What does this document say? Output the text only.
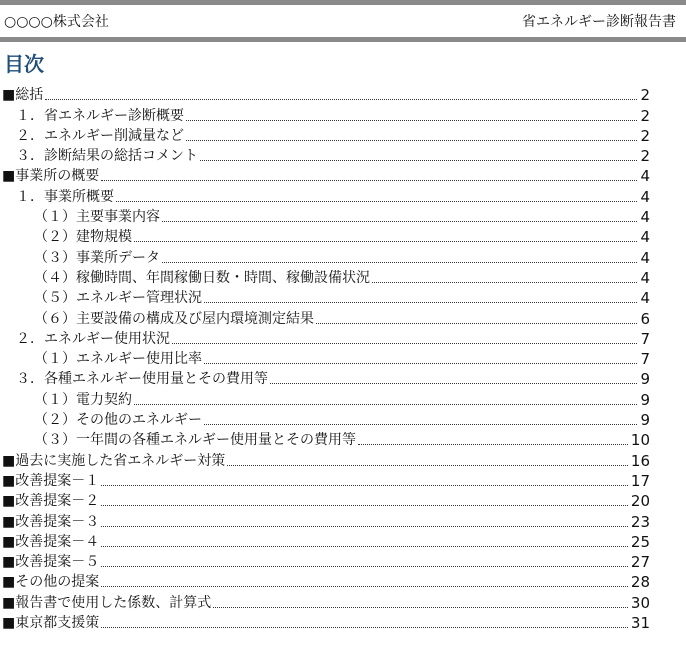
○○○○株式会社	省エネルギー診断報告書
目次
■総括	2
１．省エネルギー診断概要	2
２．エネルギー削減量など	2
３．診断結果の総括コメント	2
■事業所の概要	4
１．事業所概要	4
（１）主要事業内容	4
（２）建物規模	4
（３）事業所データ	4
（４）稼働時間、年間稼働日数・時間、稼働設備状況	4
（５）エネルギー管理状況	4
（６）主要設備の構成及び屋内環境測定結果	6
２．エネルギー使用状況	7
（１）エネルギー使用比率	7
３．各種エネルギー使用量とその費用等	9
（１）電力契約	9
（２）その他のエネルギー	9
（３）一年間の各種エネルギー使用量とその費用等	10
■過去に実施した省エネルギー対策	16
■改善提案－１	17
■改善提案－２	20
■改善提案－３	23
■改善提案－４	25
■改善提案－５	27
■その他の提案	28
■報告書で使用した係数、計算式	30
■東京都支援策	31
